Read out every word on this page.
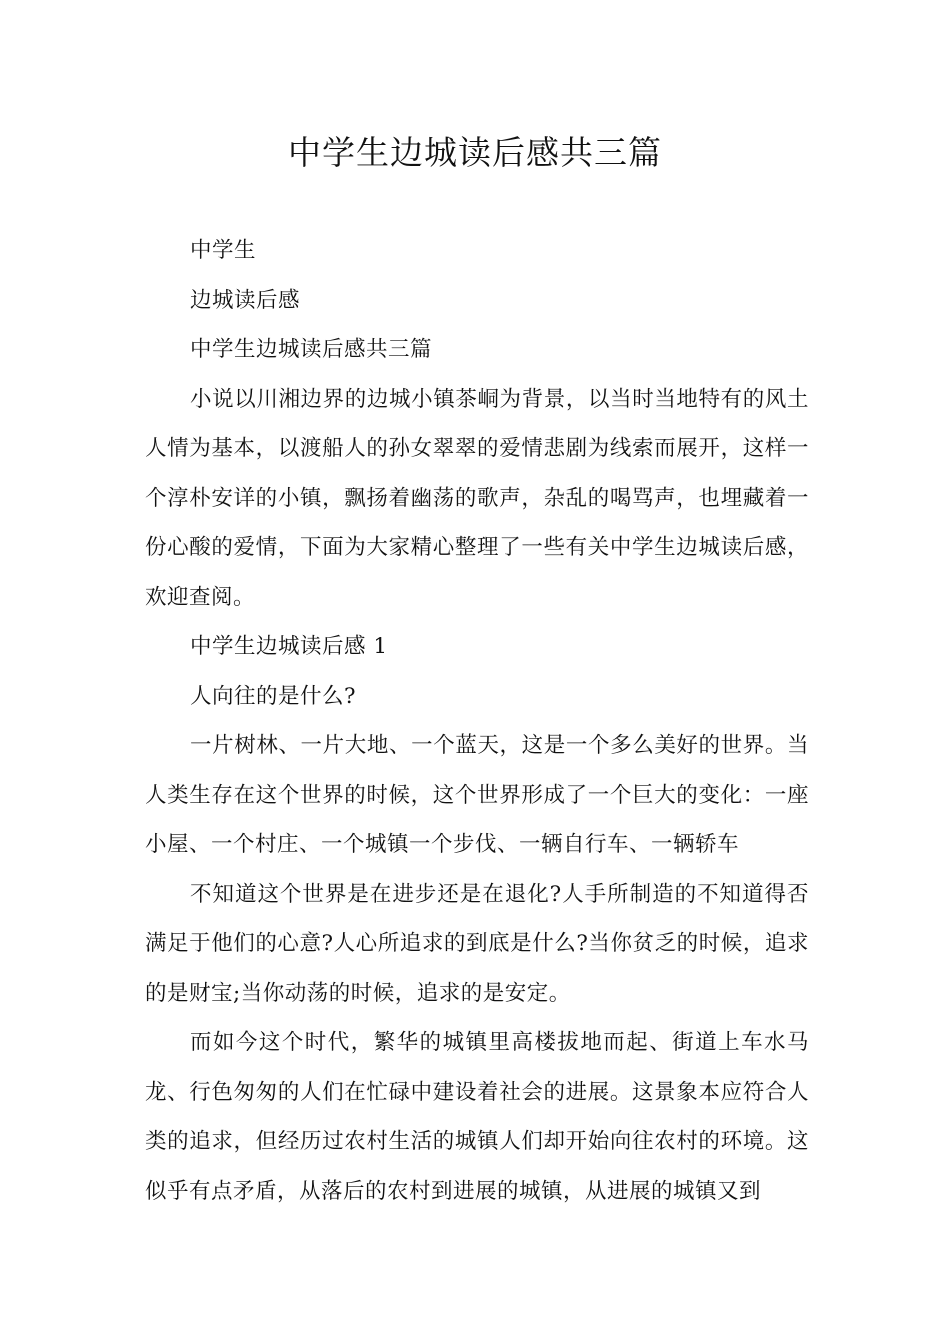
中学生边城读后感共三篇

中学生

边城读后感

中学生边城读后感共三篇

小说以川湘边界的边城小镇茶峒为背景，以当时当地特有的风土人情为基本，以渡船人的孙女翠翠的爱情悲剧为线索而展开，这样一个淳朴安详的小镇，飘扬着幽荡的歌声，杂乱的喝骂声，也埋藏着一份心酸的爱情，下面为大家精心整理了一些有关中学生边城读后感，欢迎查阅。

中学生边城读后感 1

人向往的是什么?

一片树林、一片大地、一个蓝天，这是一个多么美好的世界。当人类生存在这个世界的时候，这个世界形成了一个巨大的变化：一座小屋、一个村庄、一个城镇一个步伐、一辆自行车、一辆轿车

不知道这个世界是在进步还是在退化?人手所制造的不知道得否满足于他们的心意?人心所追求的到底是什么?当你贫乏的时候，追求的是财宝;当你动荡的时候，追求的是安定。

而如今这个时代，繁华的城镇里高楼拔地而起、街道上车水马龙、行色匆匆的人们在忙碌中建设着社会的进展。这景象本应符合人类的追求，但经历过农村生活的城镇人们却开始向往农村的环境。这似乎有点矛盾，从落后的农村到进展的城镇，从进展的城镇又到
